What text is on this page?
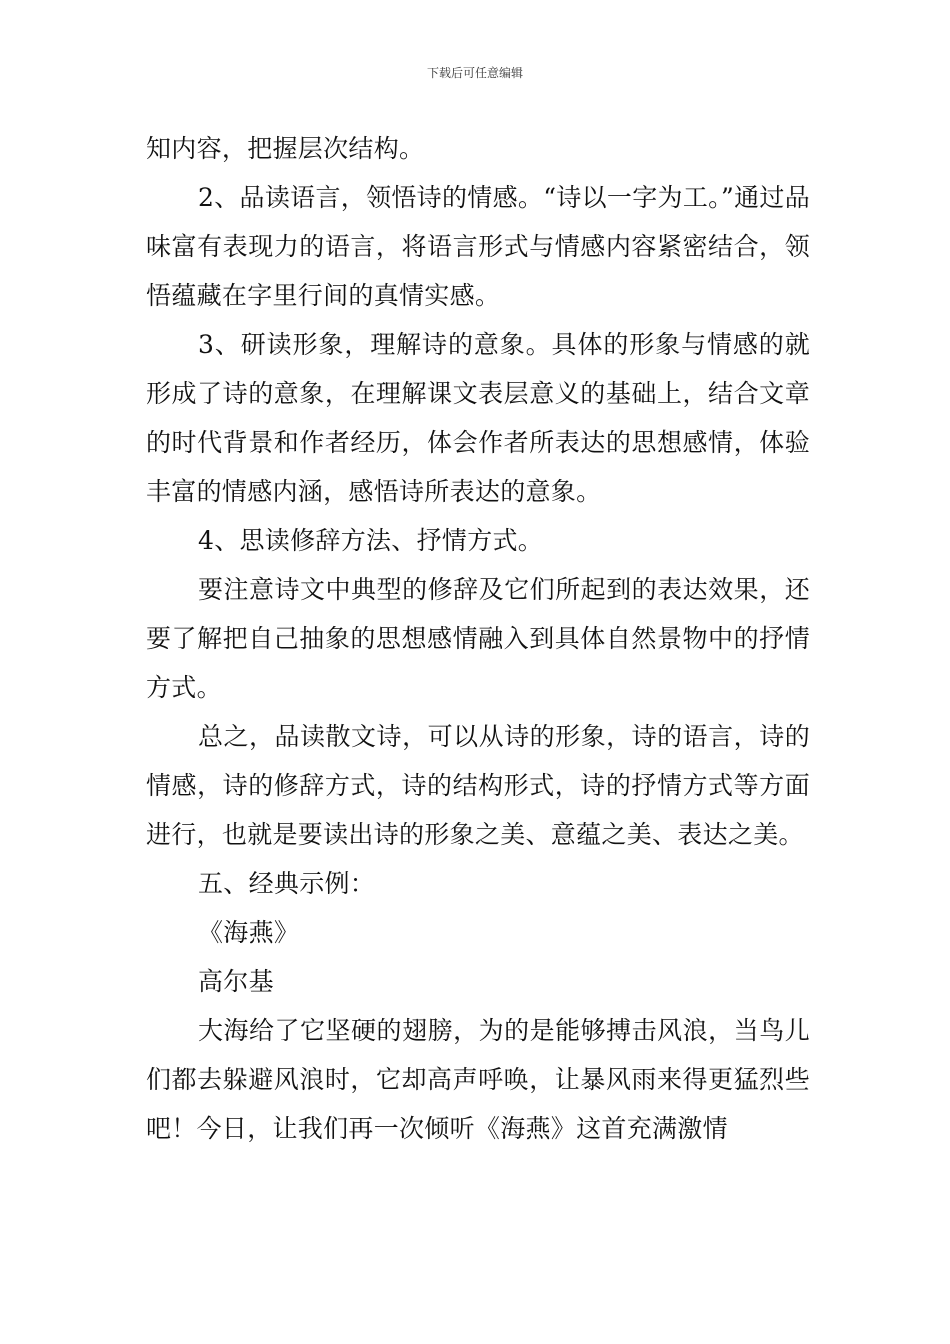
下载后可任意编辑

知内容，把握层次结构。

2、品读语言，领悟诗的情感。“诗以一字为工。”通过品味富有表现力的语言，将语言形式与情感内容紧密结合，领悟蕴藏在字里行间的真情实感。

3、研读形象，理解诗的意象。具体的形象与情感的就形成了诗的意象，在理解课文表层意义的基础上，结合文章的时代背景和作者经历，体会作者所表达的思想感情，体验丰富的情感内涵，感悟诗所表达的意象。

4、思读修辞方法、抒情方式。

要注意诗文中典型的修辞及它们所起到的表达效果，还要了解把自己抽象的思想感情融入到具体自然景物中的抒情方式。

总之，品读散文诗，可以从诗的形象，诗的语言，诗的情感，诗的修辞方式，诗的结构形式，诗的抒情方式等方面进行，也就是要读出诗的形象之美、意蕴之美、表达之美。

五、经典示例：

《海燕》

高尔基

大海给了它坚硬的翅膀，为的是能够搏击风浪，当鸟儿们都去躲避风浪时，它却高声呼唤，让暴风雨来得更猛烈些吧！今日，让我们再一次倾听《海燕》这首充满激情
